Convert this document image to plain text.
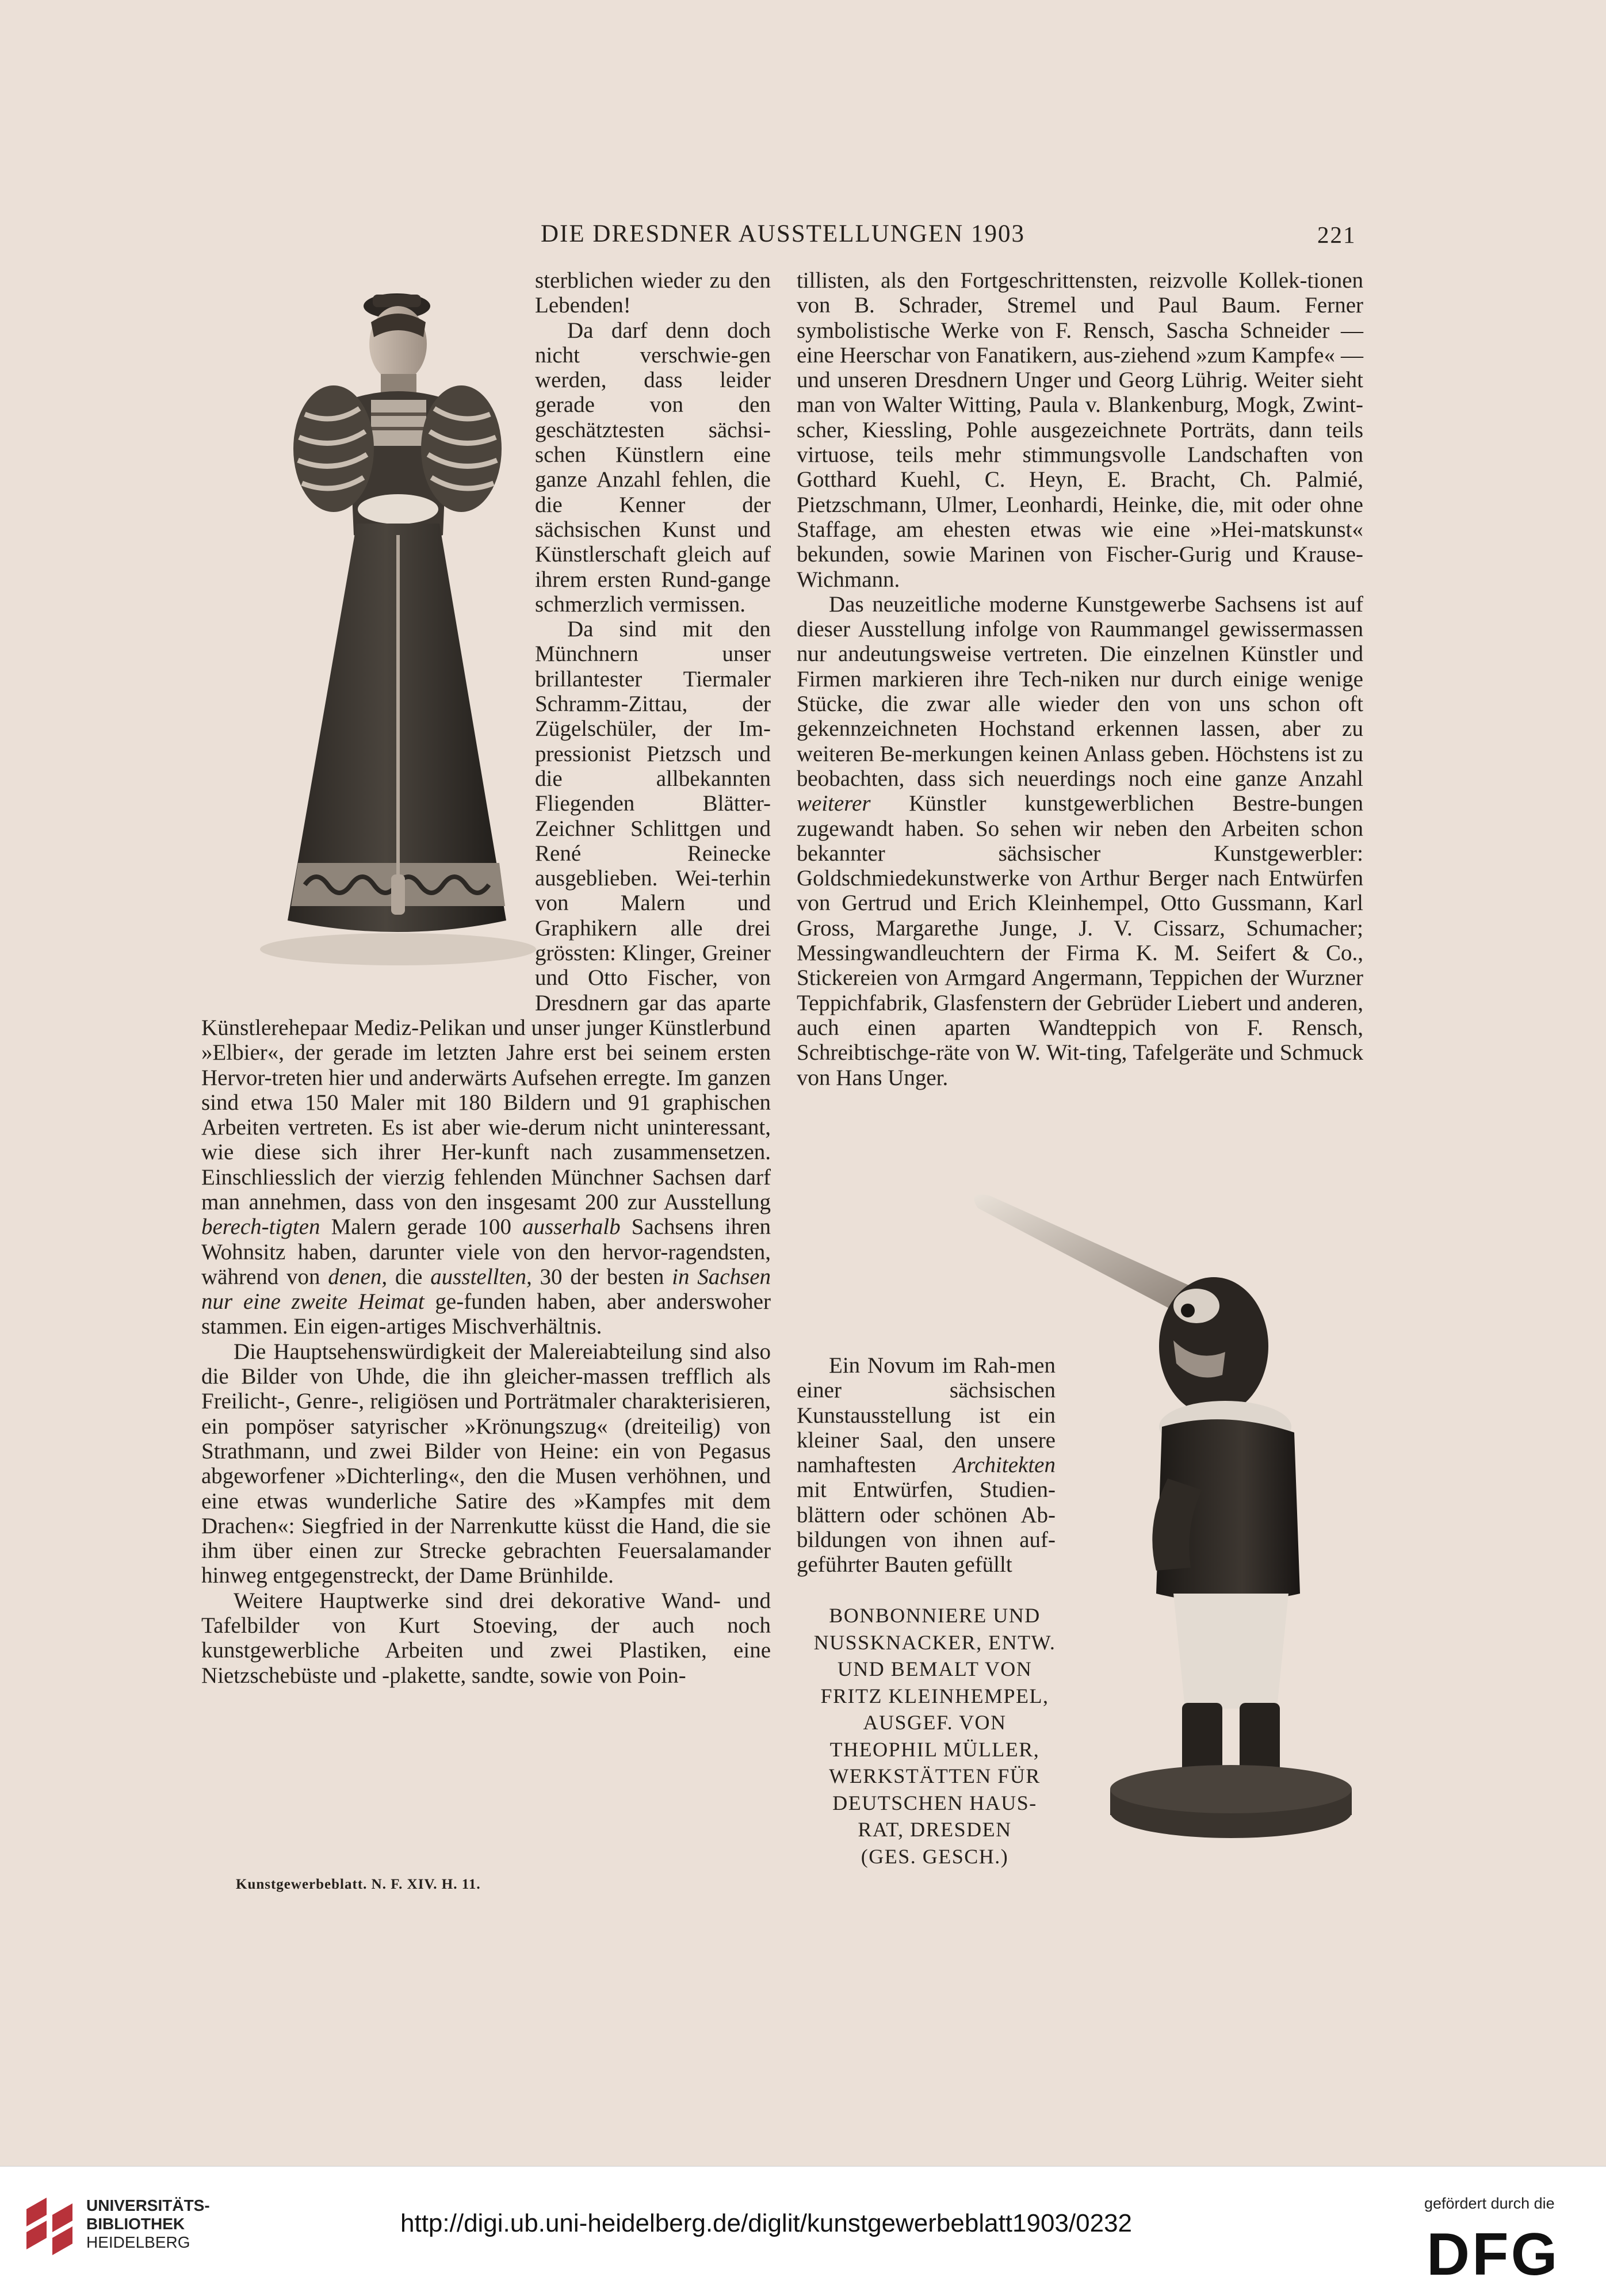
DIE DRESDNER AUSSTELLUNGEN 1903	221

sterblichen wieder zu den Lebenden!

Da darf denn doch nicht verschwie-gen werden, dass leider gerade von den geschätztesten sächsi-schen Künstlern eine ganze Anzahl fehlen, die die Kenner der sächsischen Kunst und Künstlerschaft gleich auf ihrem ersten Rund-gange schmerzlich vermissen.

Da sind mit den Münchnern unser brillantester Tiermaler Schramm-Zittau, der Zügelschüler, der Im-pressionist Pietzsch und die allbekannten Fliegenden Blätter-Zeichner Schlittgen und René Reinecke ausgeblieben. Wei-terhin von Malern und Graphikern alle drei grössten: Klinger, Greiner und Otto Fischer, von Dresdnern gar das aparte Künstlerehepaar Mediz-Pelikan und unser junger Künstlerbund »Elbier«, der gerade im letzten Jahre erst bei seinem ersten Hervor-treten hier und anderwärts Aufsehen erregte. Im ganzen sind etwa 150 Maler mit 180 Bildern und 91 graphischen Arbeiten vertreten. Es ist aber wie-derum nicht uninteressant, wie diese sich ihrer Her-kunft nach zusammensetzen. Einschliesslich der vierzig fehlenden Münchner Sachsen darf man annehmen, dass von den insgesamt 200 zur Ausstellung berech-tigten Malern gerade 100 ausserhalb Sachsens ihren Wohnsitz haben, darunter viele von den hervor-ragendsten, während von denen, die ausstellten, 30 der besten in Sachsen nur eine zweite Heimat ge-funden haben, aber anderswoher stammen. Ein eigen-artiges Mischverhältnis.

Die Hauptsehenswürdigkeit der Malereiabteilung sind also die Bilder von Uhde, die ihn gleicher-massen trefflich als Freilicht-, Genre-, religiösen und Porträtmaler charakterisieren, ein pompöser satyrischer »Krönungszug« (dreiteilig) von Strathmann, und zwei Bilder von Heine: ein von Pegasus abgeworfener »Dichterling«, den die Musen verhöhnen, und eine etwas wunderliche Satire des »Kampfes mit dem Drachen«: Siegfried in der Narrenkutte küsst die Hand, die sie ihm über einen zur Strecke gebrachten Feuersalamander hinweg entgegenstreckt, der Dame Brünhilde.

Weitere Hauptwerke sind drei dekorative Wand- und Tafelbilder von Kurt Stoeving, der auch noch kunstgewerbliche Arbeiten und zwei Plastiken, eine Nietzschebüste und -plakette, sandte, sowie von Poin-

tillisten, als den Fortgeschrittensten, reizvolle Kollek-tionen von B. Schrader, Stremel und Paul Baum. Ferner symbolistische Werke von F. Rensch, Sascha Schneider — eine Heerschar von Fanatikern, aus-ziehend »zum Kampfe« — und unseren Dresdnern Unger und Georg Lührig. Weiter sieht man von Walter Witting, Paula v. Blankenburg, Mogk, Zwint-scher, Kiessling, Pohle ausgezeichnete Porträts, dann teils virtuose, teils mehr stimmungsvolle Landschaften von Gotthard Kuehl, C. Heyn, E. Bracht, Ch. Palmié, Pietzschmann, Ulmer, Leonhardi, Heinke, die, mit oder ohne Staffage, am ehesten etwas wie eine »Hei-matskunst« bekunden, sowie Marinen von Fischer-Gurig und Krause-Wichmann.

Das neuzeitliche moderne Kunstgewerbe Sachsens ist auf dieser Ausstellung infolge von Raummangel gewissermassen nur andeutungsweise vertreten. Die einzelnen Künstler und Firmen markieren ihre Tech-niken nur durch einige wenige Stücke, die zwar alle wieder den von uns schon oft gekennzeichneten Hochstand erkennen lassen, aber zu weiteren Be-merkungen keinen Anlass geben. Höchstens ist zu beobachten, dass sich neuerdings noch eine ganze Anzahl weiterer Künstler kunstgewerblichen Bestre-bungen zugewandt haben. So sehen wir neben den Arbeiten schon bekannter sächsischer Kunstgewerbler: Goldschmiedekunstwerke von Arthur Berger nach Entwürfen von Gertrud und Erich Kleinhempel, Otto Gussmann, Karl Gross, Margarethe Junge, J. V. Cissarz, Schumacher; Messingwandleuchtern der Firma K. M. Seifert & Co., Stickereien von Armgard Angermann, Teppichen der Wurzner Teppichfabrik, Glasfenstern der Gebrüder Liebert und anderen, auch einen aparten Wandteppich von F. Rensch, Schreibtischge-räte von W. Wit-ting, Tafelgeräte und Schmuck von Hans Unger.

Ein Novum im Rah-men einer sächsischen Kunstausstellung ist ein kleiner Saal, den unsere namhaftesten Architekten mit Entwürfen, Studien-blättern oder schönen Ab-bildungen von ihnen auf-geführter Bauten gefüllt

BONBONNIERE UND
NUSSKNACKER, ENTW.
UND BEMALT VON
FRITZ KLEINHEMPEL,
AUSGEF. VON
THEOPHIL MÜLLER,
WERKSTÄTTEN FÜR
DEUTSCHEN HAUS-
RAT, DRESDEN
(GES. GESCH.)
Kunstgewerbeblatt. N. F. XIV. H. 11.
UNIVERSITÄTS-
BIBLIOTHEK
HEIDELBERG
http://digi.ub.uni-heidelberg.de/diglit/kunstgewerbeblatt1903/0232
gefördert durch die
DFG
